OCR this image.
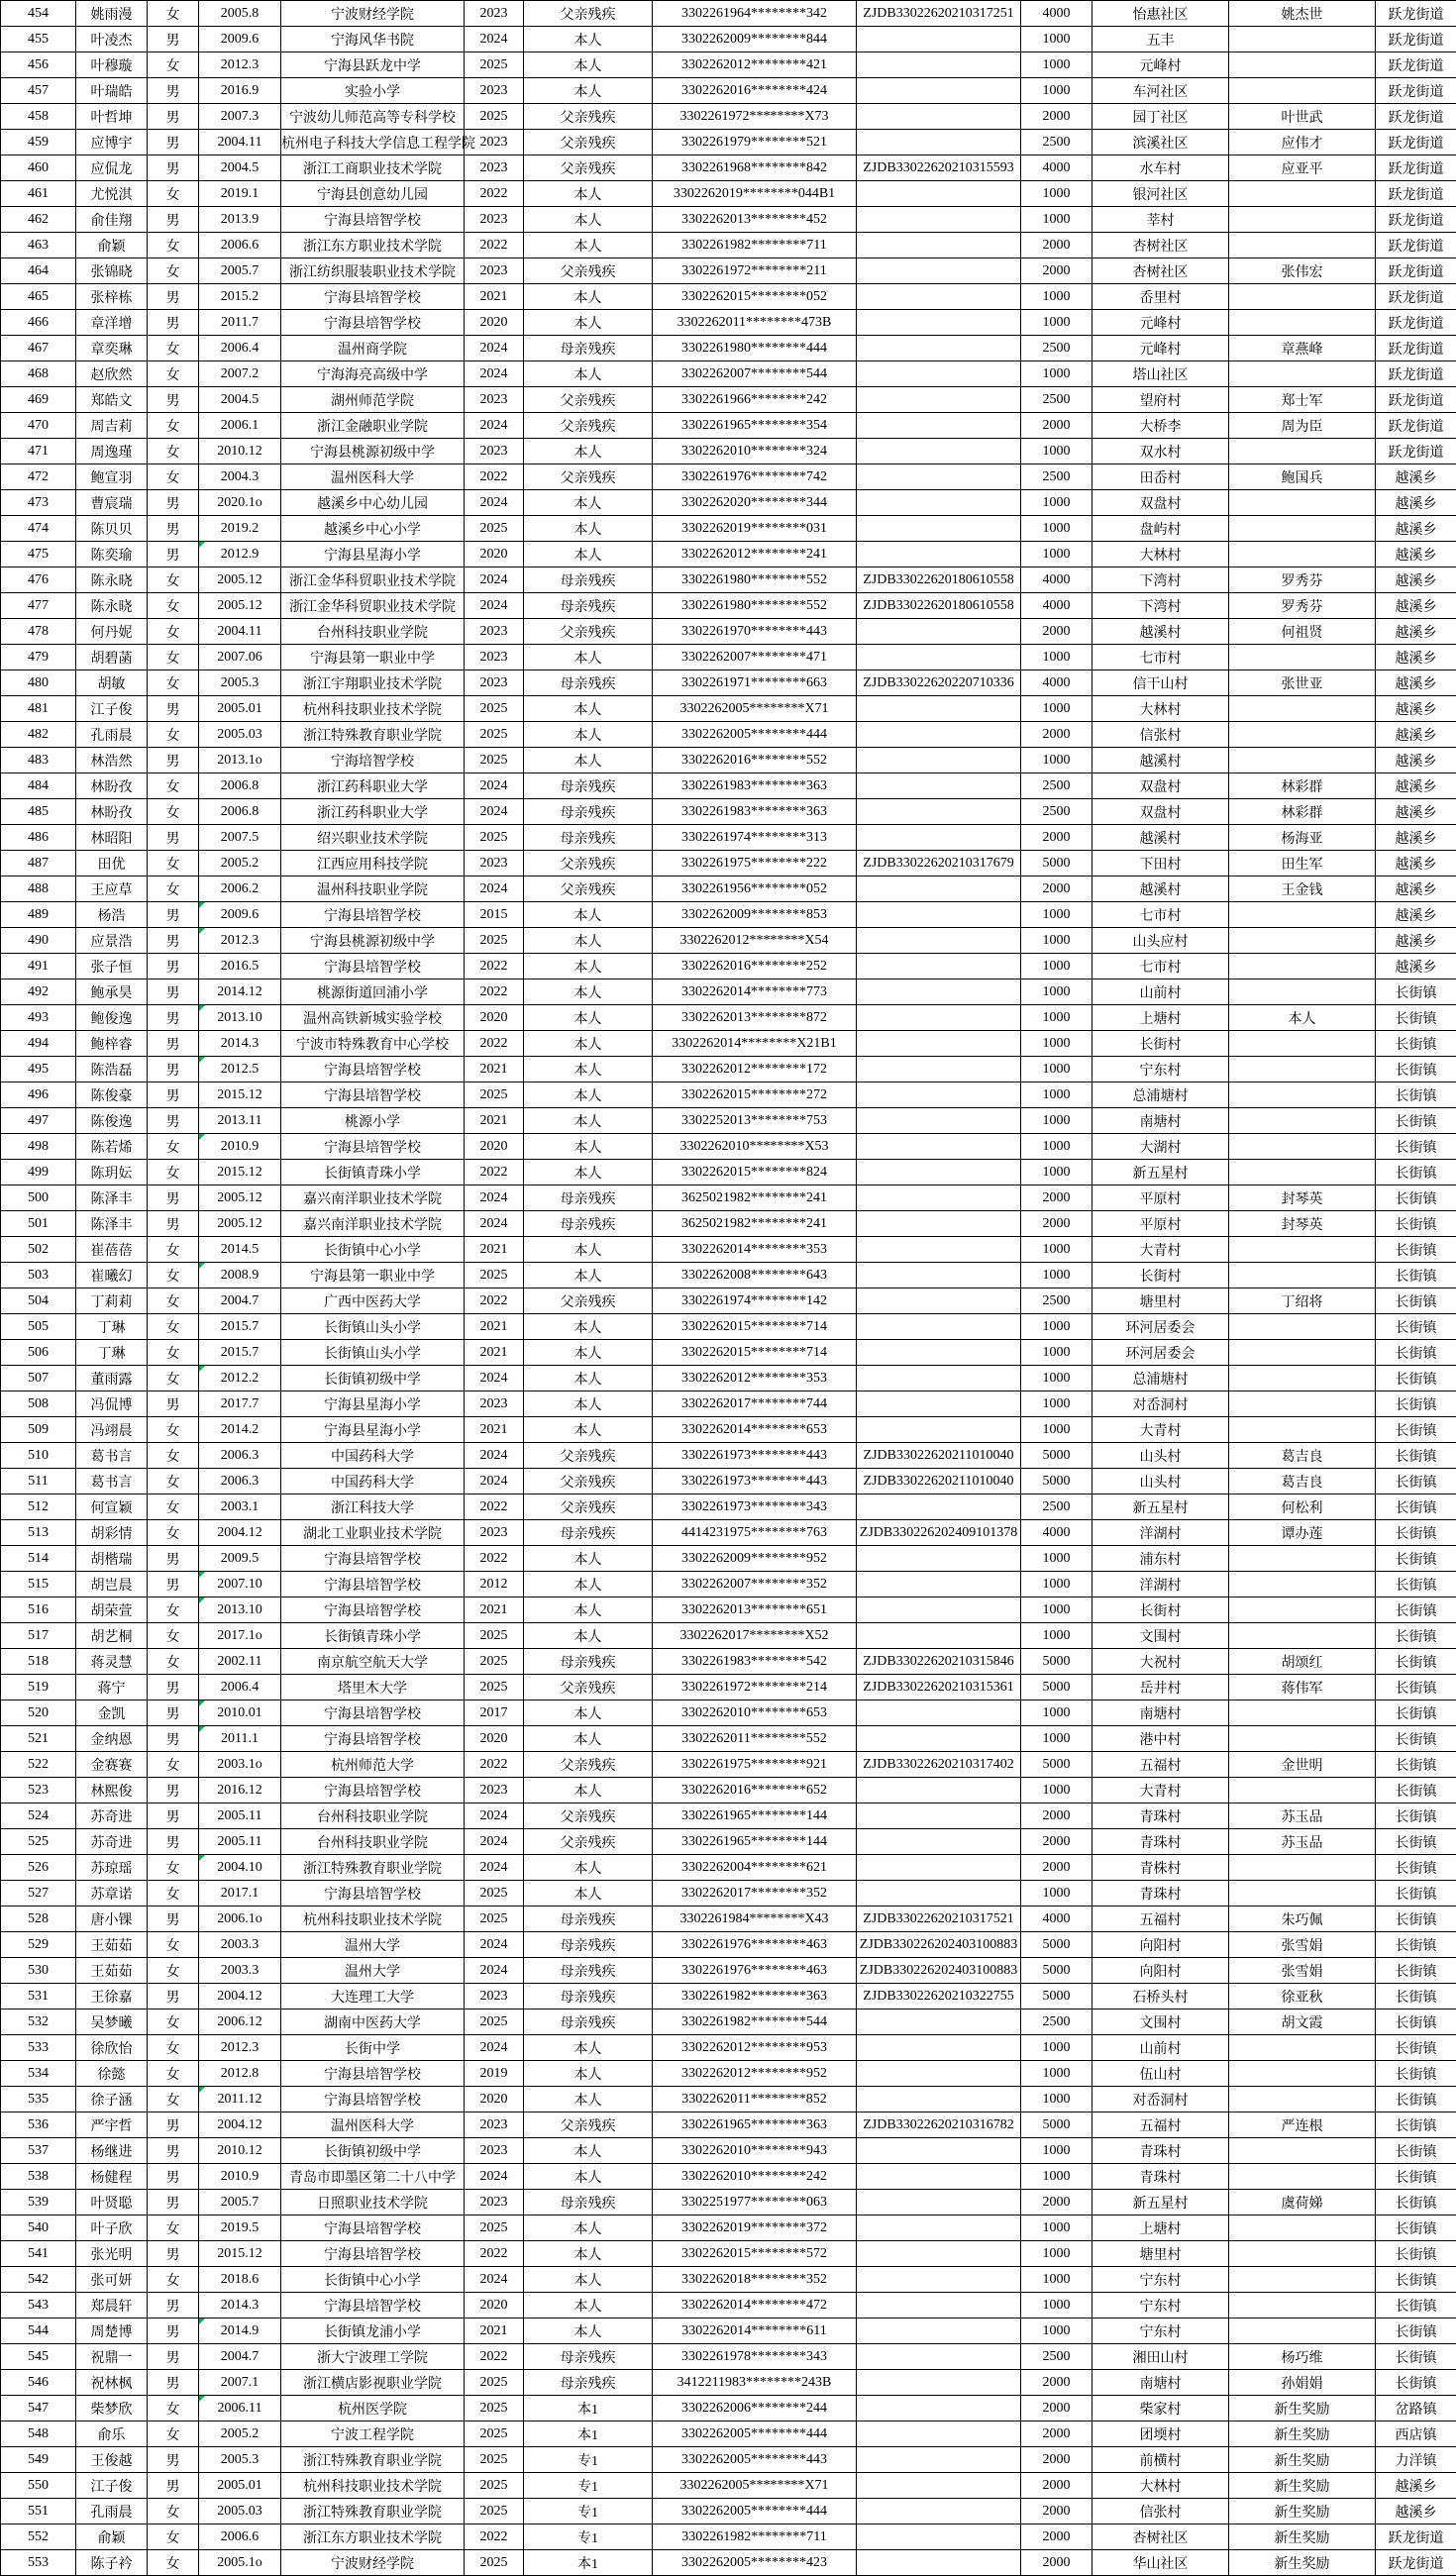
454	姚雨漫	女	2005.8	宁波财经学院	2023	父亲残疾	3302261964********342	ZJDB33022620210317251	4000	怡惠社区	姚杰世	跃龙街道
455	叶凌杰	男	2009.6	宁海风华书院	2024	本人	3302262009********844		1000	五丰		跃龙街道
456	叶穆璇	女	2012.3	宁海县跃龙中学	2025	本人	3302262012********421		1000	元峰村		跃龙街道
457	叶瑞皓	男	2016.9	实验小学	2023	本人	3302262016********424		1000	车河社区		跃龙街道
458	叶哲坤	男	2007.3	宁波幼儿师范高等专科学校	2025	父亲残疾	3302261972********X73		2000	园丁社区	叶世武	跃龙街道
459	应博宇	男	2004.11	杭州电子科技大学信息工程学院	2023	父亲残疾	3302261979********521		2500	滨溪社区	应伟才	跃龙街道
460	应侃龙	男	2004.5	浙江工商职业技术学院	2023	父亲残疾	3302261968********842	ZJDB33022620210315593	4000	水车村	应亚平	跃龙街道
461	尤悦淇	女	2019.1	宁海县创意幼儿园	2022	本人	3302262019********044B1		1000	银河社区		跃龙街道
462	俞佳翔	男	2013.9	宁海县培智学校	2023	本人	3302262013********452		1000	莘村		跃龙街道
463	俞颖	女	2006.6	浙江东方职业技术学院	2022	本人	3302261982********711		2000	杏树社区		跃龙街道
464	张锦晓	女	2005.7	浙江纺织服装职业技术学院	2023	父亲残疾	3302261972********211		2000	杏树社区	张伟宏	跃龙街道
465	张梓栋	男	2015.2	宁海县培智学校	2021	本人	3302262015********052		1000	岙里村		跃龙街道
466	章洋增	男	2011.7	宁海县培智学校	2020	本人	3302262011********473B		1000	元峰村		跃龙街道
467	章奕琳	女	2006.4	温州商学院	2024	母亲残疾	3302261980********444		2500	元峰村	章燕峰	跃龙街道
468	赵欣然	女	2007.2	宁海海亮高级中学	2024	本人	3302262007********544		1000	塔山社区		跃龙街道
469	郑皓文	男	2004.5	湖州师范学院	2023	父亲残疾	3302261966********242		2500	望府村	郑士军	跃龙街道
470	周吉莉	女	2006.1	浙江金融职业学院	2024	父亲残疾	3302261965********354		2000	大桥李	周为臣	跃龙街道
471	周逸瑾	女	2010.12	宁海县桃源初级中学	2023	本人	3302262010********324		1000	双水村		跃龙街道
472	鲍宣羽	女	2004.3	温州医科大学	2022	父亲残疾	3302261976********742		2500	田岙村	鲍国兵	越溪乡
473	曹宸瑞	男	2020.1o	越溪乡中心幼儿园	2024	本人	3302262020********344		1000	双盘村		越溪乡
474	陈贝贝	男	2019.2	越溪乡中心小学	2025	本人	3302262019********031		1000	盘屿村		越溪乡
475	陈奕瑜	男	2012.9	宁海县星海小学	2020	本人	3302262012********241		1000	大林村		越溪乡
476	陈永晓	女	2005.12	浙江金华科贸职业技术学院	2024	母亲残疾	3302261980********552	ZJDB33022620180610558	4000	下湾村	罗秀芬	越溪乡
477	陈永晓	女	2005.12	浙江金华科贸职业技术学院	2024	母亲残疾	3302261980********552	ZJDB33022620180610558	4000	下湾村	罗秀芬	越溪乡
478	何丹妮	女	2004.11	台州科技职业学院	2023	父亲残疾	3302261970********443		2000	越溪村	何祖贤	越溪乡
479	胡碧菡	女	2007.06	宁海县第一职业中学	2023	本人	3302262007********471		1000	七市村		越溪乡
480	胡敏	女	2005.3	浙江宇翔职业技术学院	2023	母亲残疾	3302261971********663	ZJDB33022620220710336	4000	信干山村	张世亚	越溪乡
481	江子俊	男	2005.01	杭州科技职业技术学院	2025	本人	3302262005********X71		1000	大林村		越溪乡
482	孔雨晨	女	2005.03	浙江特殊教育职业学院	2025	本人	3302262005********444		2000	信张村		越溪乡
483	林浩然	男	2013.1o	宁海培智学校	2025	本人	3302262016********552		1000	越溪村		越溪乡
484	林盼孜	女	2006.8	浙江药科职业大学	2024	母亲残疾	3302261983********363		2500	双盘村	林彩群	越溪乡
485	林盼孜	女	2006.8	浙江药科职业大学	2024	母亲残疾	3302261983********363		2500	双盘村	林彩群	越溪乡
486	林昭阳	男	2007.5	绍兴职业技术学院	2025	母亲残疾	3302261974********313		2000	越溪村	杨海亚	越溪乡
487	田优	女	2005.2	江西应用科技学院	2023	父亲残疾	3302261975********222	ZJDB33022620210317679	5000	下田村	田生军	越溪乡
488	王应草	女	2006.2	温州科技职业学院	2024	父亲残疾	3302261956********052		2000	越溪村	王金钱	越溪乡
489	杨浩	男	2009.6	宁海县培智学校	2015	本人	3302262009********853		1000	七市村		越溪乡
490	应景浩	男	2012.3	宁海县桃源初级中学	2025	本人	3302262012********X54		1000	山头应村		越溪乡
491	张子恒	男	2016.5	宁海县培智学校	2022	本人	3302262016********252		1000	七市村		越溪乡
492	鲍承昊	男	2014.12	桃源街道回浦小学	2022	本人	3302262014********773		1000	山前村		长街镇
493	鲍俊逸	男	2013.10	温州高铁新城实验学校	2020	本人	3302262013********872		1000	上塘村	本人	长街镇
494	鲍梓睿	男	2014.3	宁波市特殊教育中心学校	2022	本人	3302262014********X21B1		1000	长街村		长街镇
495	陈浩磊	男	2012.5	宁海县培智学校	2021	本人	3302262012********172		1000	宁东村		长街镇
496	陈俊豪	男	2015.12	宁海县培智学校	2025	本人	3302262015********272		1000	总浦塘村		长街镇
497	陈俊逸	男	2013.11	桃源小学	2021	本人	3302252013********753		1000	南塘村		长街镇
498	陈若烯	女	2010.9	宁海县培智学校	2020	本人	3302262010********X53		1000	大湖村		长街镇
499	陈玥妘	女	2015.12	长街镇青珠小学	2022	本人	3302262015********824		1000	新五星村		长街镇
500	陈泽丰	男	2005.12	嘉兴南洋职业技术学院	2024	母亲残疾	3625021982********241		2000	平原村	封琴英	长街镇
501	陈泽丰	男	2005.12	嘉兴南洋职业技术学院	2024	母亲残疾	3625021982********241		2000	平原村	封琴英	长街镇
502	崔蓓蓓	女	2014.5	长街镇中心小学	2021	本人	3302262014********353		1000	大青村		长街镇
503	崔曦幻	女	2008.9	宁海县第一职业中学	2025	本人	3302262008********643		1000	长街村		长街镇
504	丁莉莉	女	2004.7	广西中医药大学	2022	父亲残疾	3302261974********142		2500	塘里村	丁绍将	长街镇
505	丁琳	女	2015.7	长街镇山头小学	2021	本人	3302262015********714		1000	环河居委会		长街镇
506	丁琳	女	2015.7	长街镇山头小学	2021	本人	3302262015********714		1000	环河居委会		长街镇
507	董雨露	女	2012.2	长街镇初级中学	2024	本人	3302262012********353		1000	总浦塘村		长街镇
508	冯侃博	男	2017.7	宁海县星海小学	2023	本人	3302262017********744		1000	对岙洞村		长街镇
509	冯翊晨	女	2014.2	宁海县星海小学	2021	本人	3302262014********653		1000	大青村		长街镇
510	葛书言	女	2006.3	中国药科大学	2024	父亲残疾	3302261973********443	ZJDB33022620211010040	5000	山头村	葛吉良	长街镇
511	葛书言	女	2006.3	中国药科大学	2024	父亲残疾	3302261973********443	ZJDB33022620211010040	5000	山头村	葛吉良	长街镇
512	何宣颖	女	2003.1	浙江科技大学	2022	父亲残疾	3302261973********343		2500	新五星村	何松利	长街镇
513	胡彩情	女	2004.12	湖北工业职业技术学院	2023	母亲残疾	4414231975********763	ZJDB330226202409101378	4000	洋湖村	谭办莲	长街镇
514	胡楷瑞	男	2009.5	宁海县培智学校	2022	本人	3302262009********952		1000	浦东村		长街镇
515	胡岂晨	男	2007.10	宁海县培智学校	2012	本人	3302262007********352		1000	洋湖村		长街镇
516	胡荣萱	女	2013.10	宁海县培智学校	2021	本人	3302262013********651		1000	长街村		长街镇
517	胡艺桐	女	2017.1o	长街镇青珠小学	2025	本人	3302262017********X52		1000	文围村		长街镇
518	蒋灵慧	女	2002.11	南京航空航天大学	2025	母亲残疾	3302261983********542	ZJDB33022620210315846	5000	大祝村	胡颂红	长街镇
519	蒋宁	男	2006.4	塔里木大学	2025	父亲残疾	3302261972********214	ZJDB33022620210315361	5000	岳井村	蒋伟军	长街镇
520	金凯	男	2010.01	宁海县培智学校	2017	本人	3302262010********653		1000	南塘村		长街镇
521	金纳恩	男	2011.1	宁海县培智学校	2020	本人	3302262011********552		1000	港中村		长街镇
522	金赛赛	女	2003.1o	杭州师范大学	2022	父亲残疾	3302261975********921	ZJDB33022620210317402	5000	五福村	金世明	长街镇
523	林熙俊	男	2016.12	宁海县培智学校	2023	本人	3302262016********652		1000	大青村		长街镇
524	苏奇进	男	2005.11	台州科技职业学院	2024	父亲残疾	3302261965********144		2000	青珠村	苏玉品	长街镇
525	苏奇进	男	2005.11	台州科技职业学院	2024	父亲残疾	3302261965********144		2000	青珠村	苏玉品	长街镇
526	苏琼瑶	女	2004.10	浙江特殊教育职业学院	2024	本人	3302262004********621		2000	青株村		长街镇
527	苏章诺	女	2017.1	宁海县培智学校	2025	本人	3302262017********352		1000	青珠村		长街镇
528	唐小锞	男	2006.1o	杭州科技职业技术学院	2025	母亲残疾	3302261984********X43	ZJDB33022620210317521	4000	五福村	朱巧佩	长街镇
529	王茹茹	女	2003.3	温州大学	2024	母亲残疾	3302261976********463	ZJDB330226202403100883	5000	向阳村	张雪娟	长街镇
530	王茹茹	女	2003.3	温州大学	2024	母亲残疾	3302261976********463	ZJDB330226202403100883	5000	向阳村	张雪娟	长街镇
531	王徐嘉	男	2004.12	大连理工大学	2023	母亲残疾	3302261982********363	ZJDB33022620210322755	5000	石桥头村	徐亚秋	长街镇
532	吴梦曦	女	2006.12	湖南中医药大学	2025	母亲残疾	3302261982********544		2500	文围村	胡文霞	长街镇
533	徐欣怡	女	2012.3	长街中学	2024	本人	3302262012********953		1000	山前村		长街镇
534	徐懿	女	2012.8	宁海县培智学校	2019	本人	3302262012********952		1000	伍山村		长街镇
535	徐子涵	女	2011.12	宁海县培智学校	2020	本人	3302262011********852		1000	对岙洞村		长街镇
536	严宇哲	男	2004.12	温州医科大学	2023	父亲残疾	3302261965********363	ZJDB33022620210316782	5000	五福村	严连根	长街镇
537	杨继进	男	2010.12	长街镇初级中学	2023	本人	3302262010********943		1000	青珠村		长街镇
538	杨健程	男	2010.9	青岛市即墨区第二十八中学	2024	本人	3302262010********242		1000	青珠村		长街镇
539	叶贤聪	男	2005.7	日照职业技术学院	2023	母亲残疾	3302251977********063		2000	新五星村	虞荷娣	长街镇
540	叶子欣	女	2019.5	宁海县培智学校	2025	本人	3302262019********372		1000	上塘村		长街镇
541	张光明	男	2015.12	宁海县培智学校	2022	本人	3302262015********572		1000	塘里村		长街镇
542	张可妍	女	2018.6	长街镇中心小学	2024	本人	3302262018********352		1000	宁东村		长街镇
543	郑晨轩	男	2014.3	宁海县培智学校	2020	本人	3302262014********472		1000	宁东村		长街镇
544	周楚博	男	2014.9	长街镇龙浦小学	2021	本人	3302262014********611		1000	宁东村		长街镇
545	祝鼎一	男	2004.7	浙大宁波理工学院	2022	母亲残疾	3302261978********343		2500	湘田山村	杨巧维	长街镇
546	祝林枫	男	2007.1	浙江横店影视职业学院	2025	母亲残疾	3412211983********243B		2000	南塘村	孙娟娟	长街镇
547	柴梦欣	女	2006.11	杭州医学院	2025	本1	3302262006********244		2000	柴家村	新生奖励	岔路镇
548	俞乐	女	2005.2	宁波工程学院	2025	本1	3302262005********444		2000	团堧村	新生奖励	西店镇
549	王俊越	男	2005.3	浙江特殊教育职业学院	2025	专1	3302262005********443		2000	前横村	新生奖励	力洋镇
550	江子俊	男	2005.01	杭州科技职业技术学院	2025	专1	3302262005********X71		2000	大林村	新生奖励	越溪乡
551	孔雨晨	女	2005.03	浙江特殊教育职业学院	2025	专1	3302262005********444		2000	信张村	新生奖励	越溪乡
552	俞颖	女	2006.6	浙江东方职业技术学院	2022	专1	3302261982********711		2000	杏树社区	新生奖励	跃龙街道
553	陈子衿	女	2005.1o	宁波财经学院	2025	本1	3302262005********423		2000	华山社区	新生奖励	跃龙街道
